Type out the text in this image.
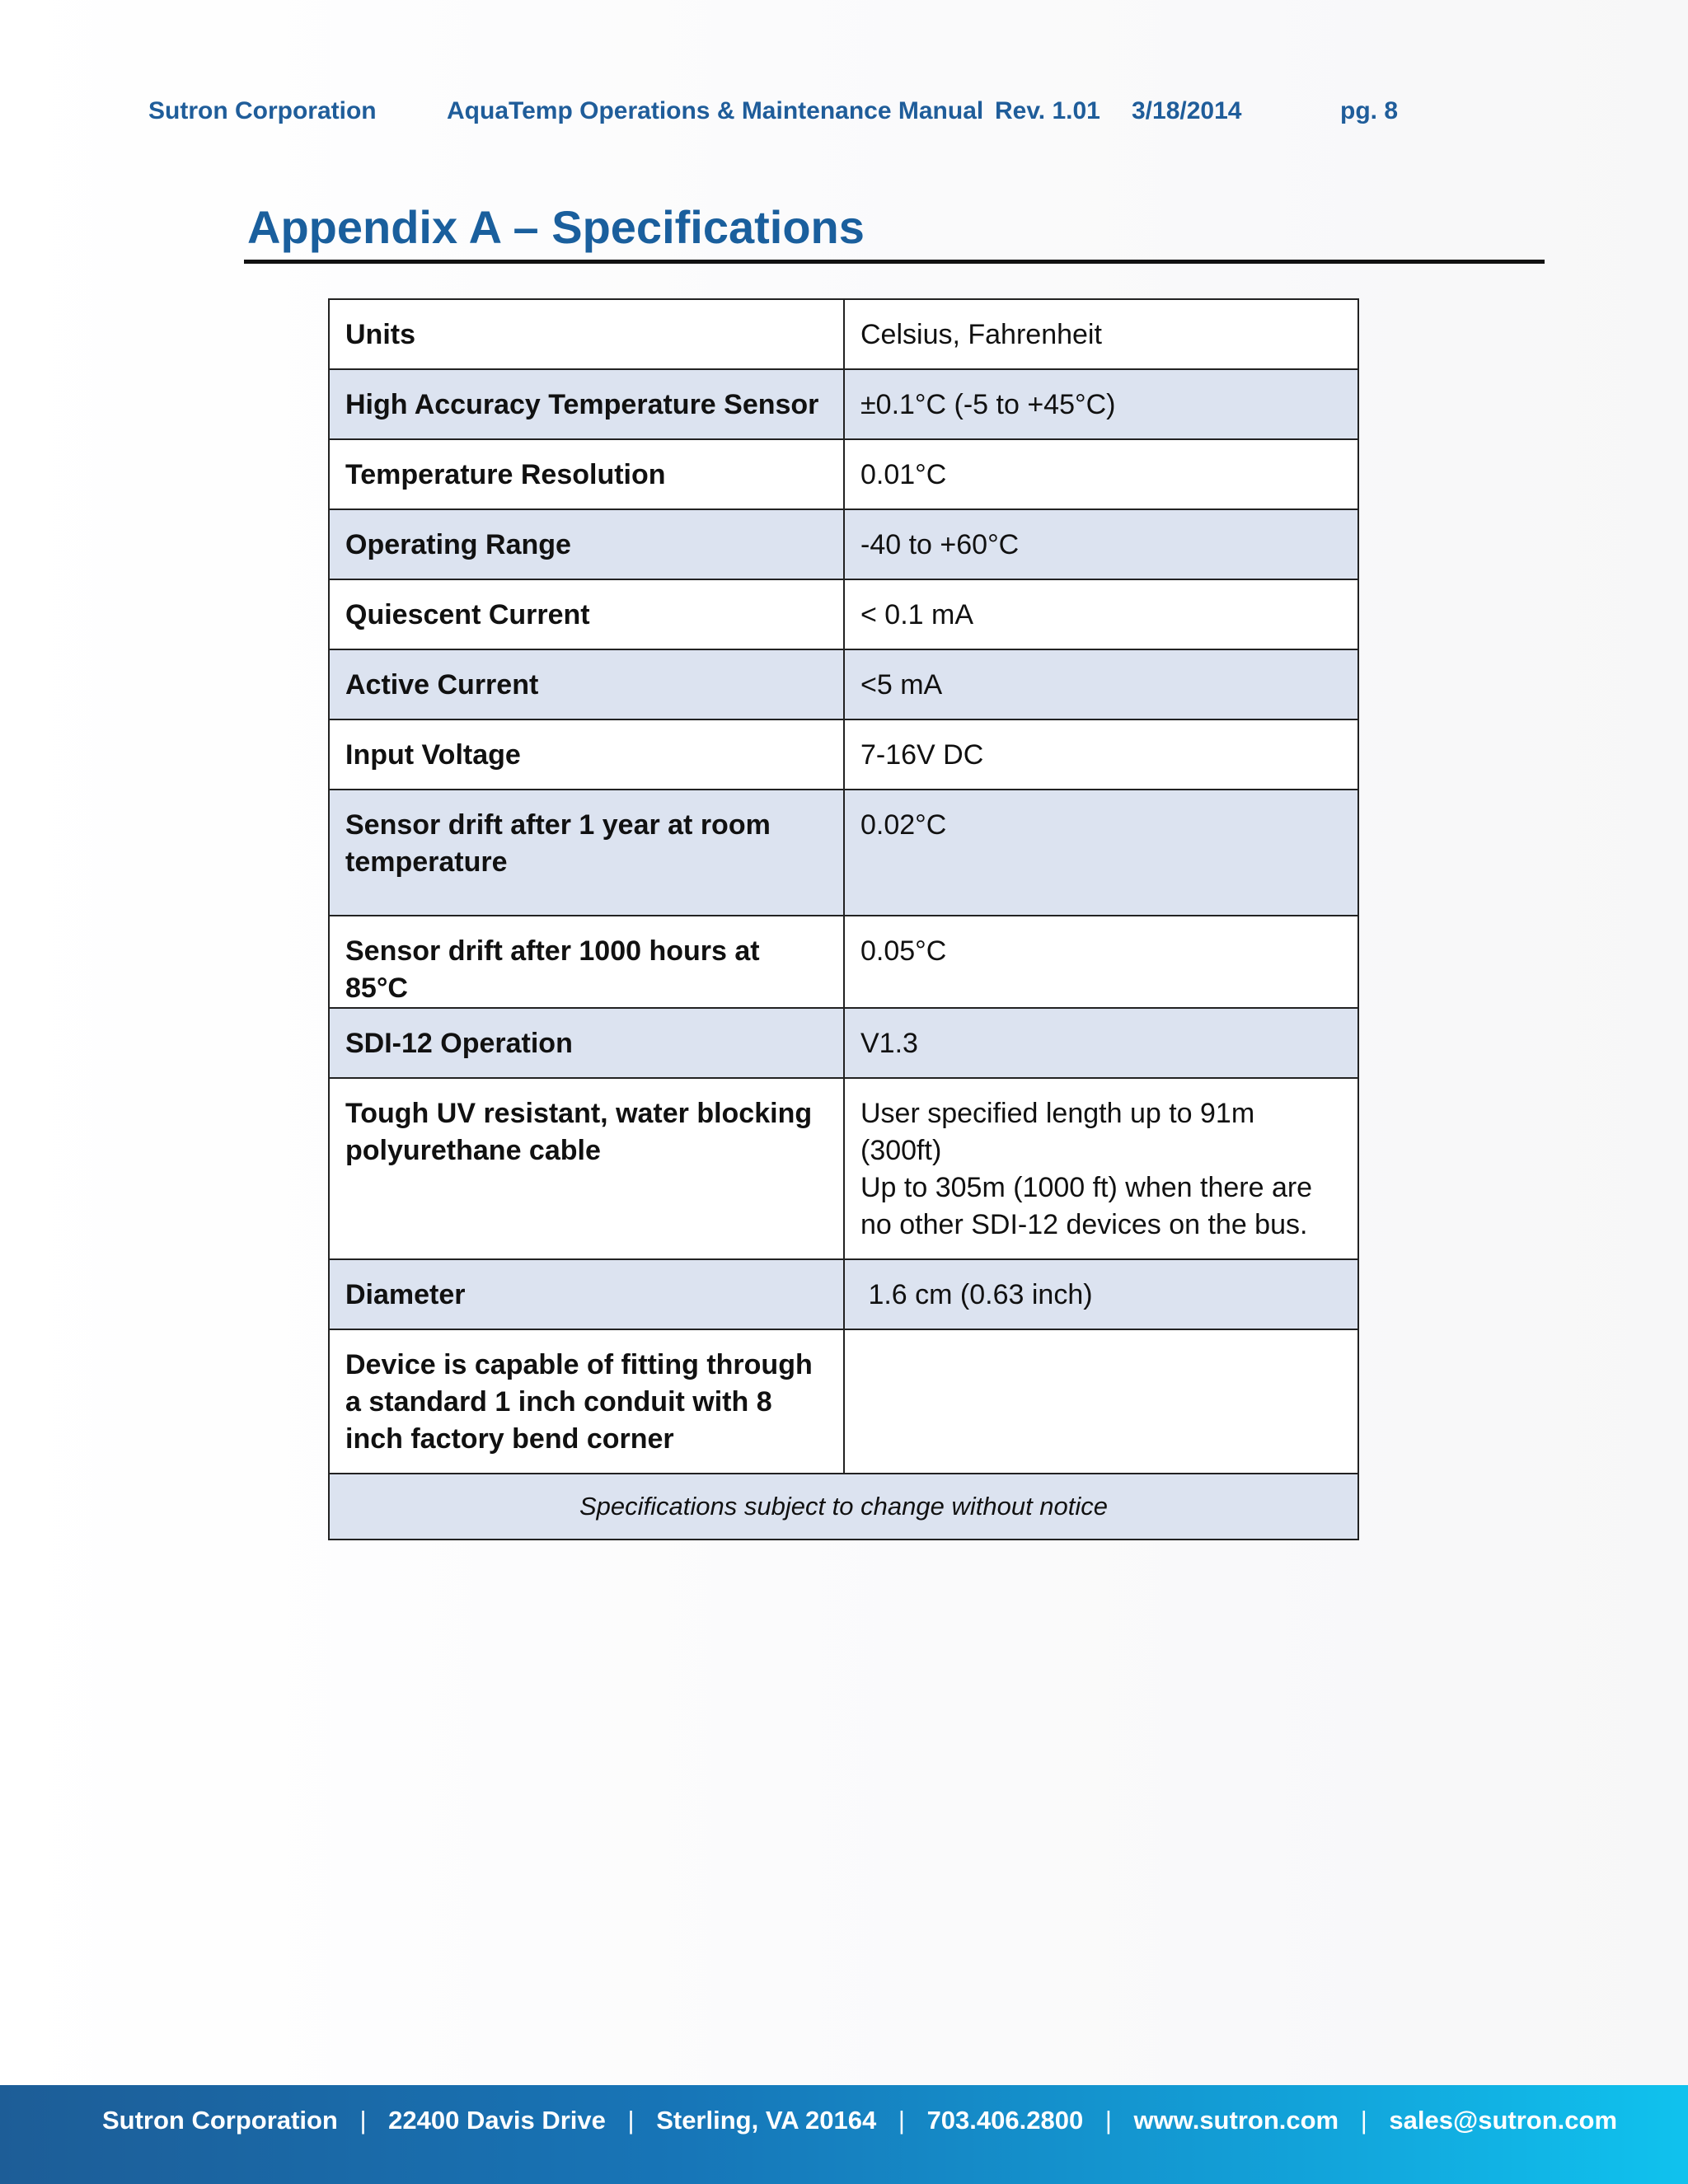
Sutron Corporation	AquaTemp Operations & Maintenance Manual Rev. 1.01 3/18/2014	pg. 8
Appendix A – Specifications
Units	Celsius, Fahrenheit

High Accuracy Temperature Sensor	±0.1°C (-5 to +45°C)

Temperature Resolution	0.01°C

Operating Range	-40 to +60°C

Quiescent Current	< 0.1 mA

Active Current	<5 mA

Input Voltage	7-16V DC

Sensor drift after 1 year at room temperature	0.02°C

Sensor drift after 1000 hours at 85°C	0.05°C

SDI-12 Operation	V1.3

Tough UV resistant, water blocking polyurethane cable	User specified length up to 91m (300ft)
Up to 305m (1000 ft) when there are no other SDI-12 devices on the bus.

Diameter	1.6 cm (0.63 inch)

Device is capable of fitting through a standard 1 inch conduit with 8 inch factory bend corner	

Specifications subject to change without notice	
Sutron Corporation | 22400 Davis Drive | Sterling, VA 20164 | 703.406.2800 | www.sutron.com | sales@sutron.com
